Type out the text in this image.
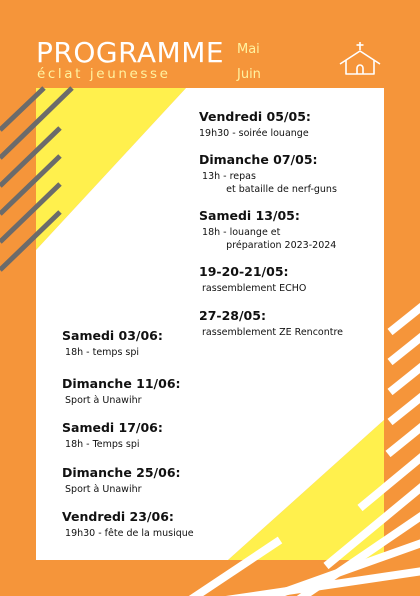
PROGRAMME
éclat jeunesse
Mai
Juin
Vendredi 05/05:
19h30 - soirée louange
Dimanche 07/05:
13h - repas
et bataille de nerf-guns
Samedi 13/05:
18h - louange et
préparation 2023-2024
19-20-21/05:
rassemblement ECHO
27-28/05:
rassemblement ZE Rencontre
Samedi 03/06:
18h - temps spi
Dimanche 11/06:
Sport à Unawihr
Samedi 17/06:
18h - Temps spi
Dimanche 25/06:
Sport à Unawihr
Vendredi 23/06:
19h30 - fête de la musique
